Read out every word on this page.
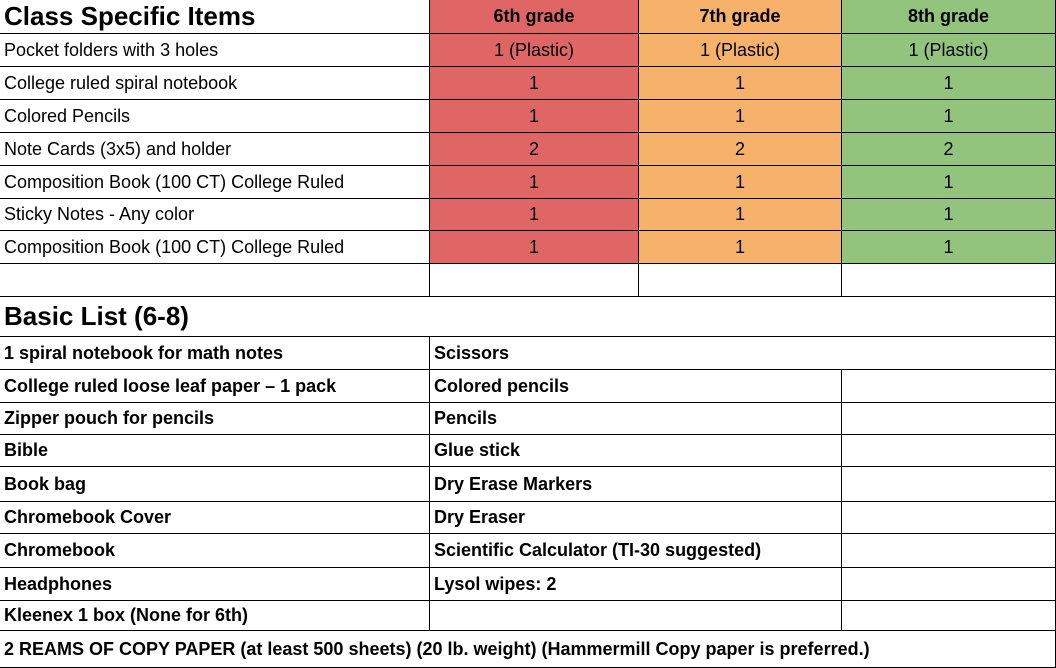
Class Specific Items	6th grade	7th grade	8th grade
Pocket folders with 3 holes	1 (Plastic)	1 (Plastic)	1 (Plastic)
College ruled spiral notebook	1	1	1
Colored Pencils	1	1	1
Note Cards (3x5) and holder	2	2	2
Composition Book (100 CT) College Ruled	1	1	1
Sticky Notes - Any color	1	1	1
Composition Book (100 CT) College Ruled	1	1	1
Basic List (6-8)
1 spiral notebook for math notes	Scissors
College ruled loose leaf paper – 1 pack	Colored pencils
Zipper pouch for pencils	Pencils
Bible	Glue stick
Book bag	Dry Erase Markers
Chromebook Cover	Dry Eraser
Chromebook	Scientific Calculator (TI-30 suggested)
Headphones	Lysol wipes: 2
Kleenex 1 box (None for 6th)
2 REAMS OF COPY PAPER (at least 500 sheets) (20 lb. weight) (Hammermill Copy paper is preferred.)
